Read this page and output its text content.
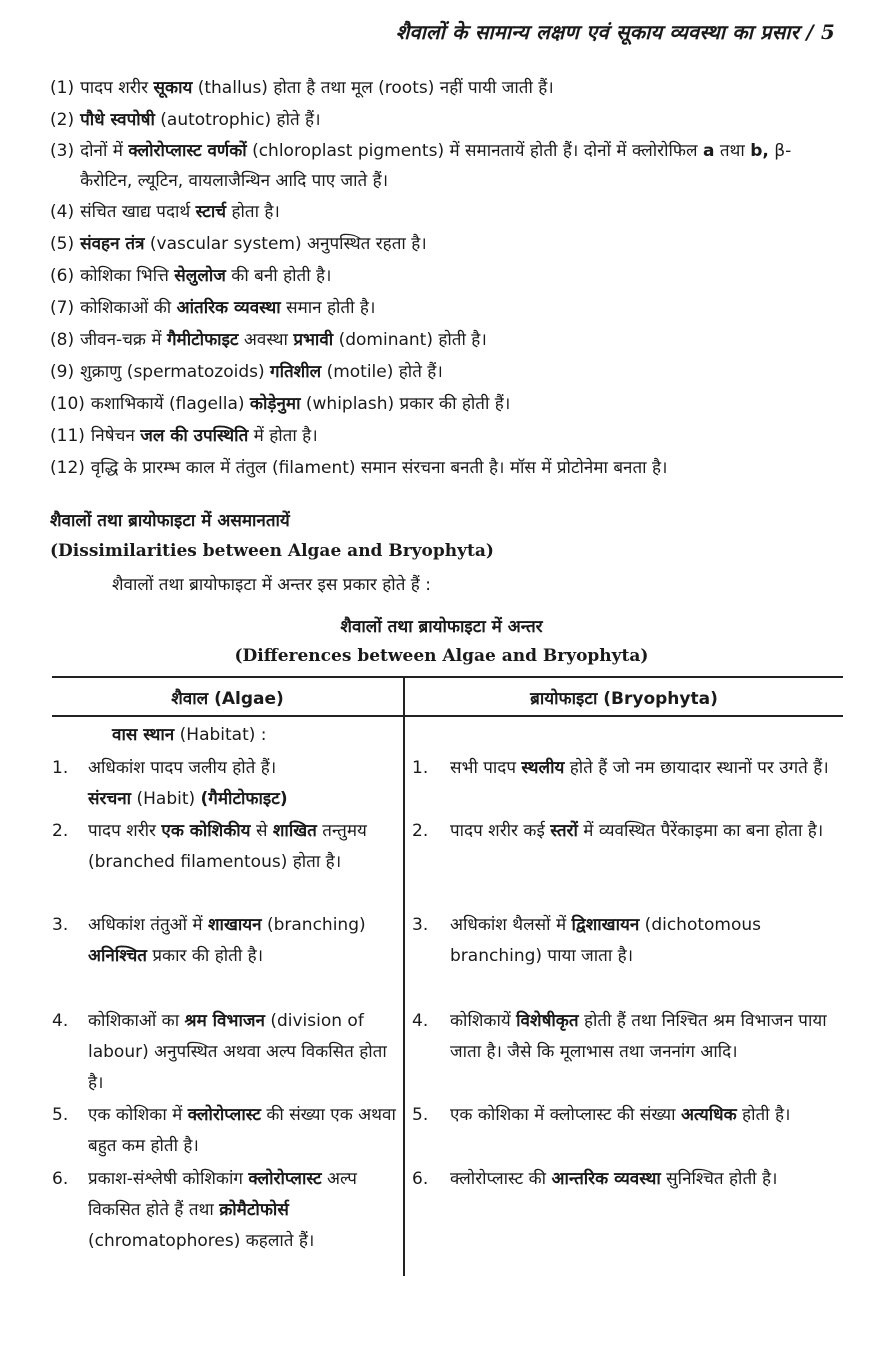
शैवालों के सामान्य लक्षण एवं सूकाय व्यवस्था का प्रसार / 5
(1) पादप शरीर सूकाय (thallus) होता है तथा मूल (roots) नहीं पायी जाती हैं।
(2) पौधे स्वपोषी (autotrophic) होते हैं।
(3) दोनों में क्लोरोप्लास्ट वर्णकों (chloroplast pigments) में समानतायें होती हैं। दोनों में क्लोरोफिल a तथा b, β-कैरोटिन, ल्यूटिन, वायलाजैन्थिन आदि पाए जाते हैं।
(4) संचित खाद्य पदार्थ स्टार्च होता है।
(5) संवहन तंत्र (vascular system) अनुपस्थित रहता है।
(6) कोशिका भित्ति सेलुलोज की बनी होती है।
(7) कोशिकाओं की आंतरिक व्यवस्था समान होती है।
(8) जीवन-चक्र में गैमीटोफाइट अवस्था प्रभावी (dominant) होती है।
(9) शुक्राणु (spermatozoids) गतिशील (motile) होते हैं।
(10) कशाभिकायें (flagella) कोड़ेनुमा (whiplash) प्रकार की होती हैं।
(11) निषेचन जल की उपस्थिति में होता है।
(12) वृद्धि के प्रारम्भ काल में तंतुल (filament) समान संरचना बनती है। मॉस में प्रोटोनेमा बनता है।
शैवालों तथा ब्रायोफाइटा में असमानतायें
(Dissimilarities between Algae and Bryophyta)
शैवालों तथा ब्रायोफाइटा में अन्तर इस प्रकार होते हैं :
शैवालों तथा ब्रायोफाइटा में अन्तर
(Differences between Algae and Bryophyta)
शैवाल (Algae)	ब्रायोफाइटा (Bryophyta)
वास स्थान (Habitat) :
1. अधिकांश पादप जलीय होते हैं।
संरचना (Habit) (गैमीटोफाइट)
1. सभी पादप स्थलीय होते हैं जो नम छायादार स्थानों पर उगते हैं।
2. पादप शरीर एक कोशिकीय से शाखित तन्तुमय (branched filamentous) होता है।
2. पादप शरीर कई स्तरों में व्यवस्थित पैरेंकाइमा का बना होता है।
3. अधिकांश तंतुओं में शाखायन (branching) अनिश्चित प्रकार की होती है।
3. अधिकांश थैलसों में द्विशाखायन (dichotomous branching) पाया जाता है।
4. कोशिकाओं का श्रम विभाजन (division of labour) अनुपस्थित अथवा अल्प विकसित होता है।
4. कोशिकायें विशेषीकृत होती हैं तथा निश्चित श्रम विभाजन पाया जाता है। जैसे कि मूलाभास तथा जननांग आदि।
5. एक कोशिका में क्लोरोप्लास्ट की संख्या एक अथवा बहुत कम होती है।
5. एक कोशिका में क्लोप्लास्ट की संख्या अत्यधिक होती है।
6. प्रकाश-संश्लेषी कोशिकांग क्लोरोप्लास्ट अल्प विकसित होते हैं तथा क्रोमैटोफोर्स (chromatophores) कहलाते हैं।
6. क्लोरोप्लास्ट की आन्तरिक व्यवस्था सुनिश्चित होती है।
